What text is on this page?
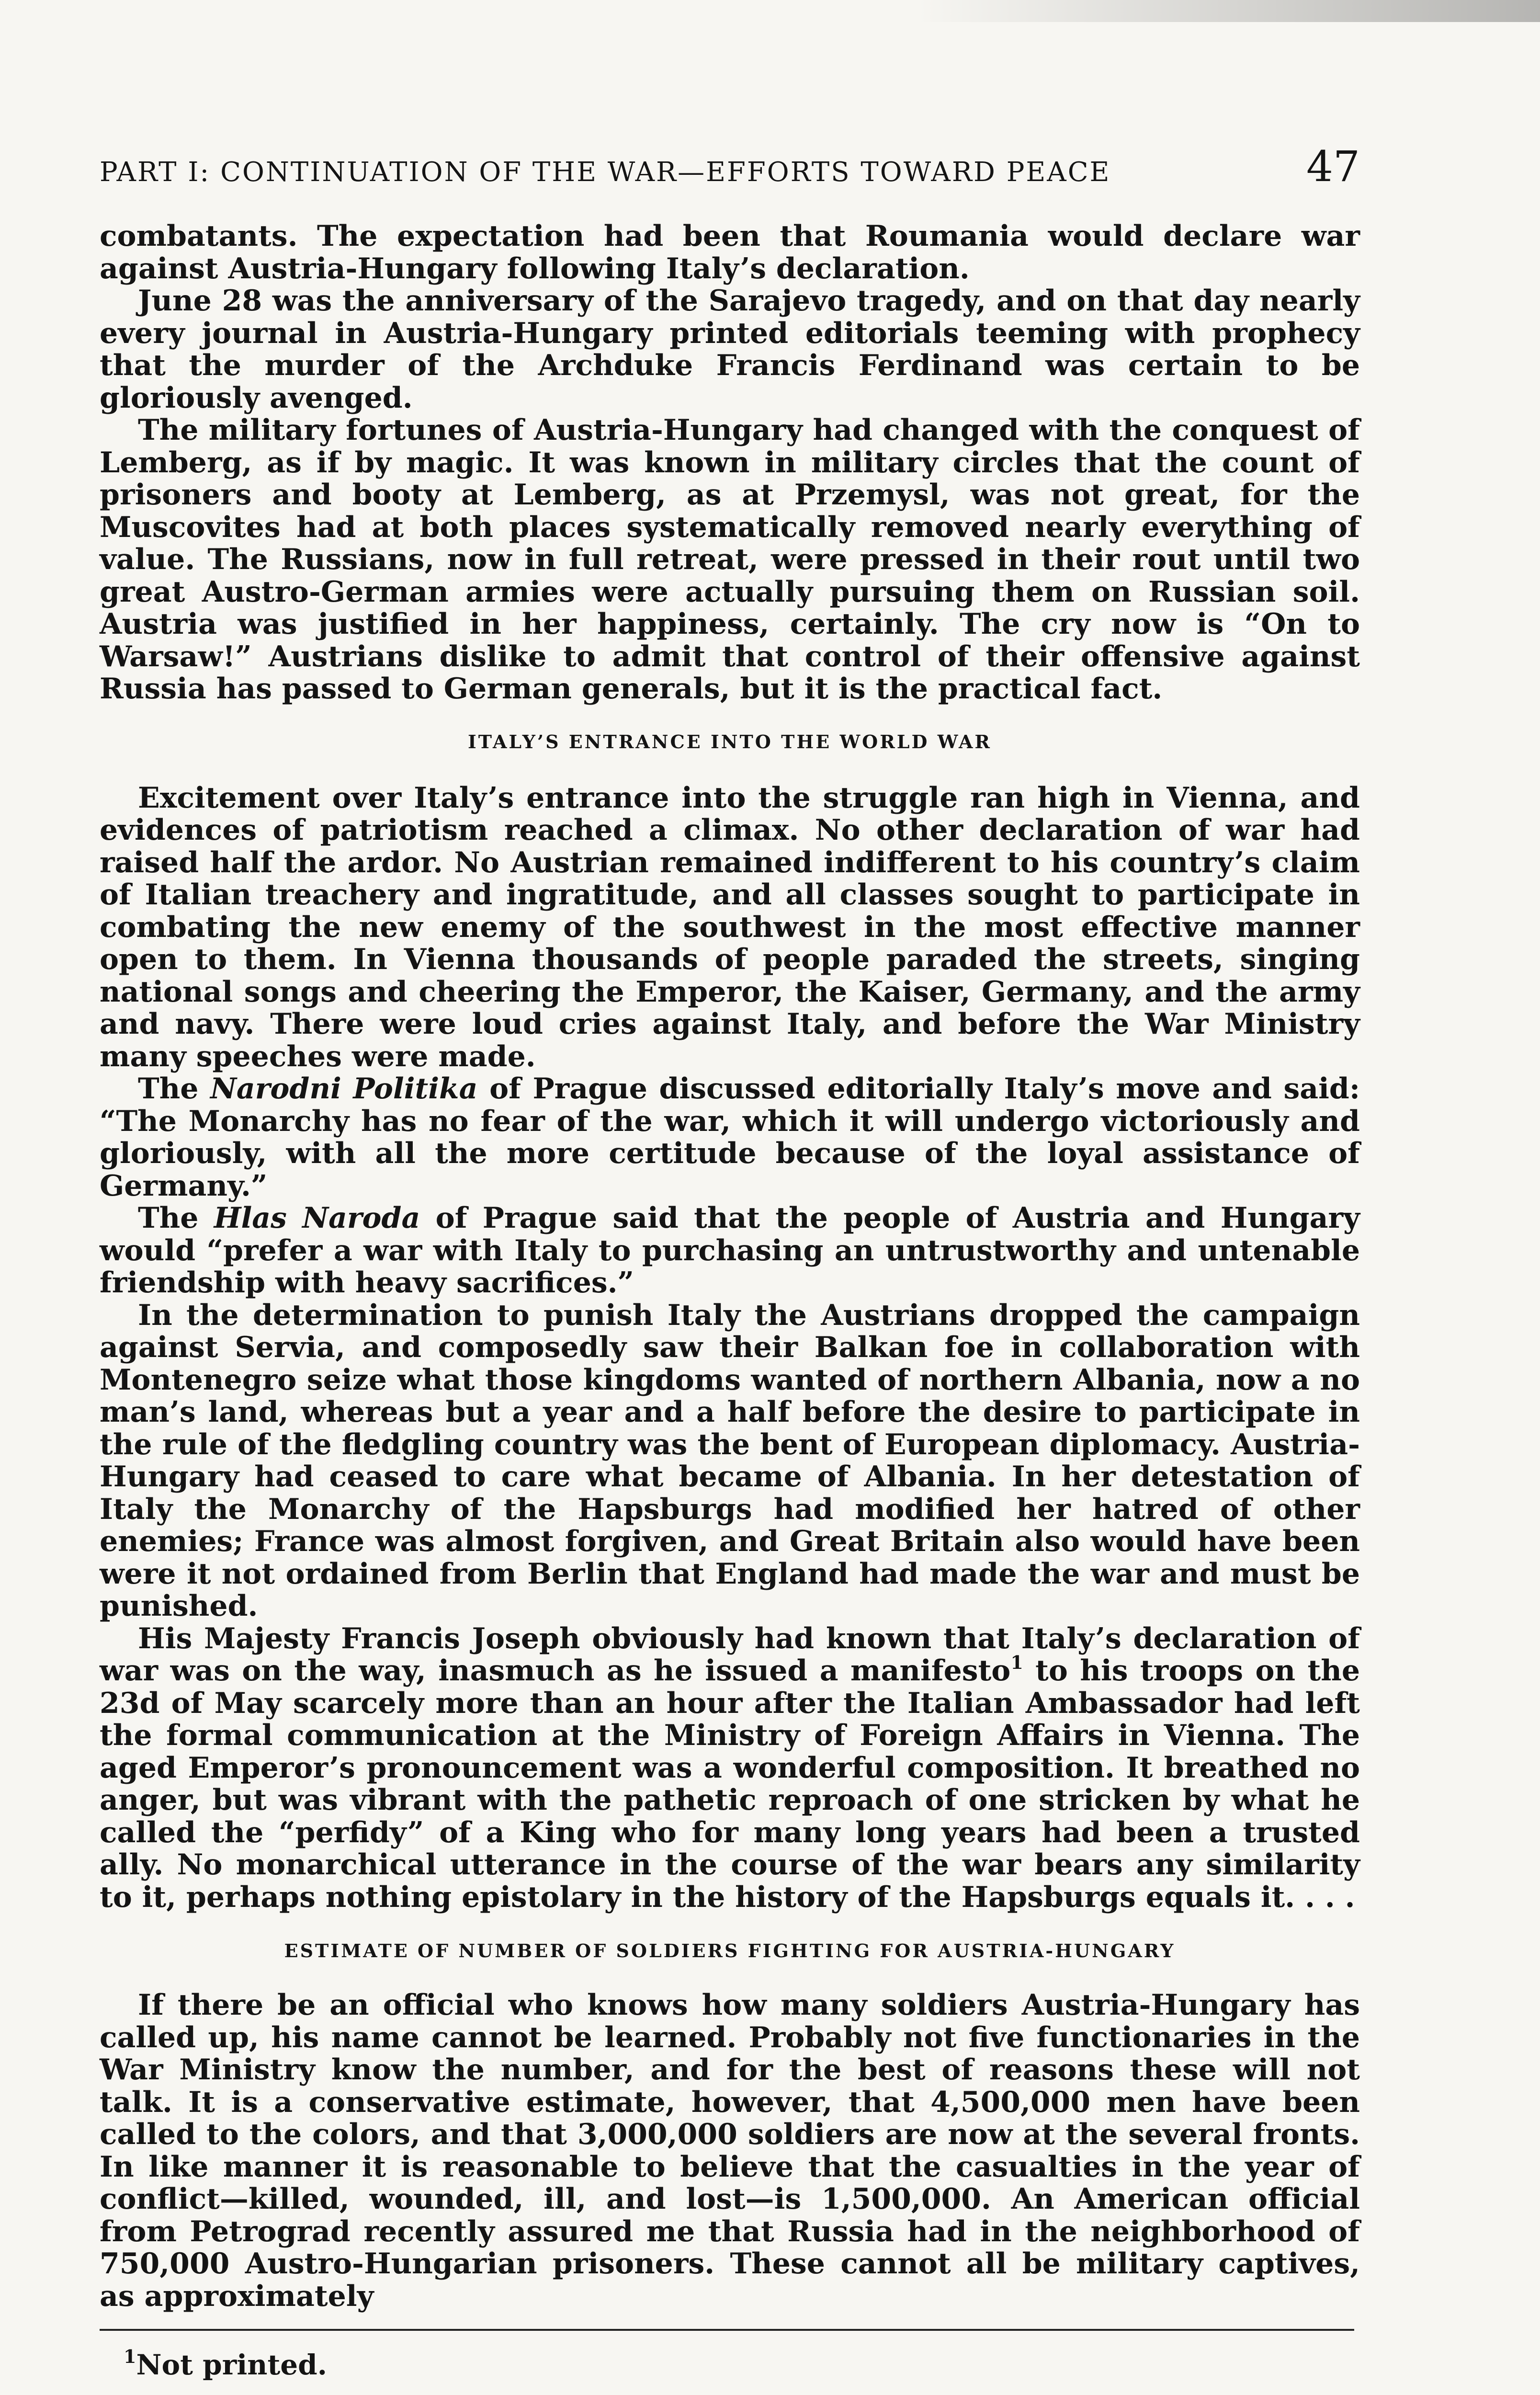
PART I: CONTINUATION OF THE WAR—EFFORTS TOWARD PEACE	47

combatants. The expectation had been that Roumania would declare war against Austria-Hungary following Italy’s declaration.

June 28 was the anniversary of the Sarajevo tragedy, and on that day nearly every journal in Austria-Hungary printed editorials teeming with prophecy that the murder of the Archduke Francis Ferdinand was certain to be gloriously avenged.

The military fortunes of Austria-Hungary had changed with the conquest of Lemberg, as if by magic. It was known in military circles that the count of prisoners and booty at Lemberg, as at Przemysl, was not great, for the Muscovites had at both places systematically removed nearly everything of value. The Russians, now in full retreat, were pressed in their rout until two great Austro-German armies were actually pursuing them on Russian soil. Austria was justified in her happiness, certainly. The cry now is “On to Warsaw!” Austrians dislike to admit that control of their offensive against Russia has passed to German generals, but it is the practical fact.

ITALY’S ENTRANCE INTO THE WORLD WAR

Excitement over Italy’s entrance into the struggle ran high in Vienna, and evidences of patriotism reached a climax. No other declaration of war had raised half the ardor. No Austrian remained indifferent to his country’s claim of Italian treachery and ingratitude, and all classes sought to participate in combating the new enemy of the southwest in the most effective manner open to them. In Vienna thousands of people paraded the streets, singing national songs and cheering the Emperor, the Kaiser, Germany, and the army and navy. There were loud cries against Italy, and before the War Ministry many speeches were made.

The Narodni Politika of Prague discussed editorially Italy’s move and said: “The Monarchy has no fear of the war, which it will undergo victoriously and gloriously, with all the more certitude because of the loyal assistance of Germany.”

The Hlas Naroda of Prague said that the people of Austria and Hungary would “prefer a war with Italy to purchasing an untrustworthy and untenable friendship with heavy sacrifices.”

In the determination to punish Italy the Austrians dropped the campaign against Servia, and composedly saw their Balkan foe in collaboration with Montenegro seize what those kingdoms wanted of northern Albania, now a no man’s land, whereas but a year and a half before the desire to participate in the rule of the fledgling country was the bent of European diplomacy. Austria-Hungary had ceased to care what became of Albania. In her detestation of Italy the Monarchy of the Hapsburgs had modified her hatred of other enemies; France was almost forgiven, and Great Britain also would have been were it not ordained from Berlin that England had made the war and must be punished.

His Majesty Francis Joseph obviously had known that Italy’s declaration of war was on the way, inasmuch as he issued a manifesto$^1$ to his troops on the 23d of May scarcely more than an hour after the Italian Ambassador had left the formal communication at the Ministry of Foreign Affairs in Vienna. The aged Emperor’s pronouncement was a wonderful composition. It breathed no anger, but was vibrant with the pathetic reproach of one stricken by what he called the “perfidy” of a King who for many long years had been a trusted ally. No monarchical utterance in the course of the war bears any similarity to it, perhaps nothing epistolary in the history of the Hapsburgs equals it. . . .

ESTIMATE OF NUMBER OF SOLDIERS FIGHTING FOR AUSTRIA-HUNGARY

If there be an official who knows how many soldiers Austria-Hungary has called up, his name cannot be learned. Probably not five functionaries in the War Ministry know the number, and for the best of reasons these will not talk. It is a conservative estimate, however, that 4,500,000 men have been called to the colors, and that 3,000,000 soldiers are now at the several fronts. In like manner it is reasonable to believe that the casualties in the year of conflict—killed, wounded, ill, and lost—is 1,500,000. An American official from Petrograd recently assured me that Russia had in the neighborhood of 750,000 Austro-Hungarian prisoners. These cannot all be military captives, as approximately

$^1$Not printed.
